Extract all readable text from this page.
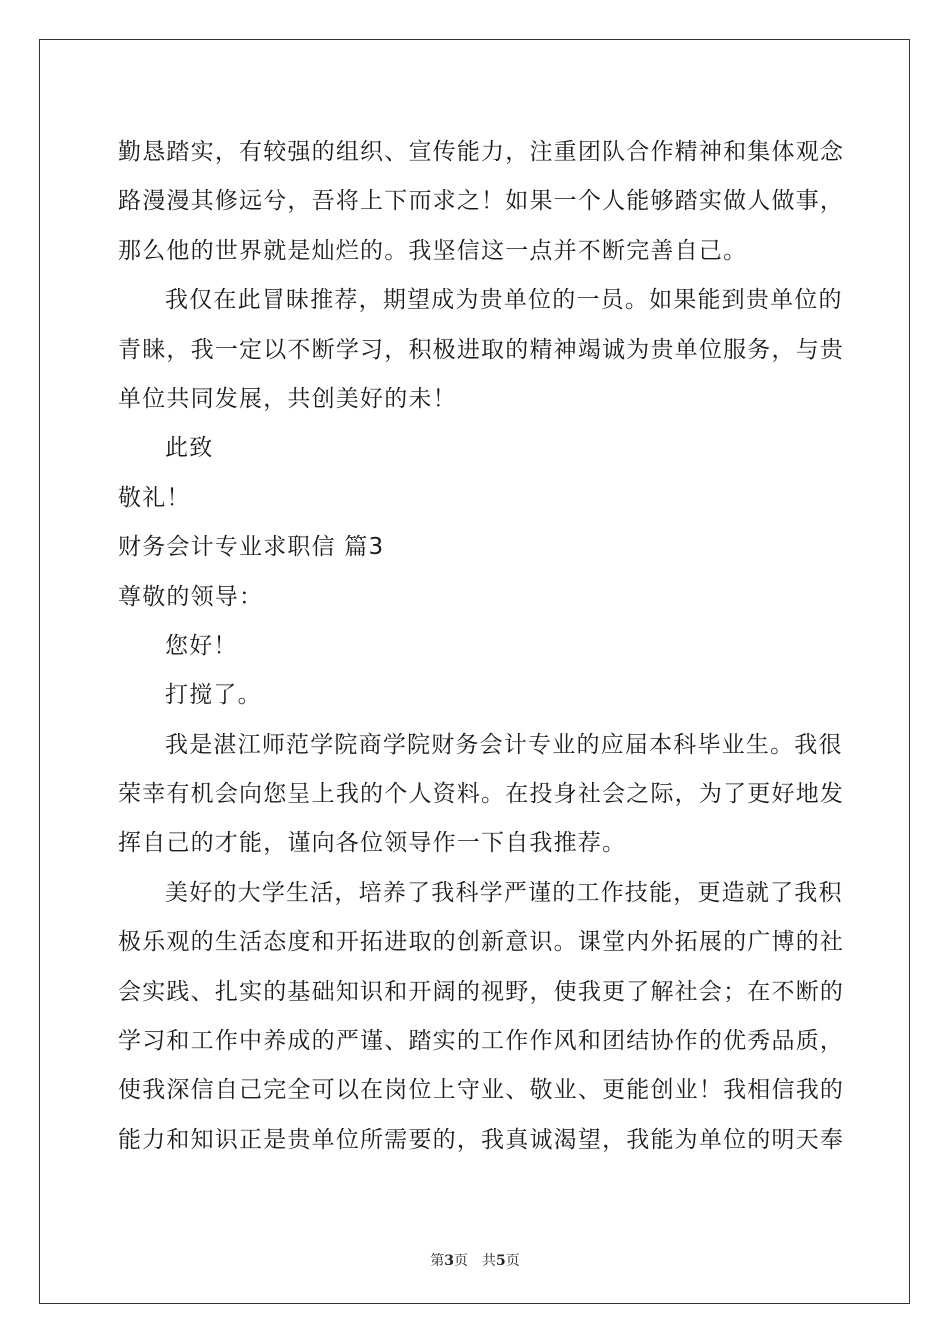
勤 恳 踏 实 ， 有 较 强 的 组 织 、 宣 传 能 力 ， 注 重 团 队 合 作 精 神 和 集 体 观 念
路 漫 漫 其 修 远 兮 ， 吾 将 上 下 而 求 之 ！ 如 果 一 个 人 能 够 踏 实 做 人 做 事 ，
那么他的世界就是灿烂的。我坚信这一点并不断完善自己。
我 仅 在 此 冒 昧 推 荐 ， 期 望 成 为 贵 单 位 的 一 员 。 如 果 能 到 贵 单 位 的
青 睐 ， 我 一 定 以 不 断 学 习 ， 积 极 进 取 的 精 神 竭 诚 为 贵 单 位 服 务 ， 与 贵
单位共同发展，共创美好的未！
此致
敬礼！
财务会计专业求职信 篇3
尊敬的领导：
您好！
打搅了。
我 是 湛 江 师 范 学 院 商 学 院 财 务 会 计 专 业 的 应 届 本 科 毕 业 生 。 我 很
荣 幸 有 机 会 向 您 呈 上 我 的 个 人 资 料 。 在 投 身 社 会 之 际 ， 为 了 更 好 地 发
挥自己的才能，谨向各位领导作一下自我推荐。
美 好 的 大 学 生 活 ， 培 养 了 我 科 学 严 谨 的 工 作 技 能 ， 更 造 就 了 我 积
极 乐 观 的 生 活 态 度 和 开 拓 进 取 的 创 新 意 识 。 课 堂 内 外 拓 展 的 广 博 的 社
会 实 践 、 扎 实 的 基 础 知 识 和 开 阔 的 视 野 ， 使 我 更 了 解 社 会 ； 在 不 断 的
学 习 和 工 作 中 养 成 的 严 谨 、 踏 实 的 工 作 作 风 和 团 结 协 作 的 优 秀 品 质 ，
使 我 深 信 自 己 完 全 可 以 在 岗 位 上 守 业 、 敬 业 、 更 能 创 业 ！ 我 相 信 我 的
能 力 和 知 识 正 是 贵 单 位 所 需 要 的 ， 我 真 诚 渴 望 ， 我 能 为 单 位 的 明 天 奉
第3页　共5页
